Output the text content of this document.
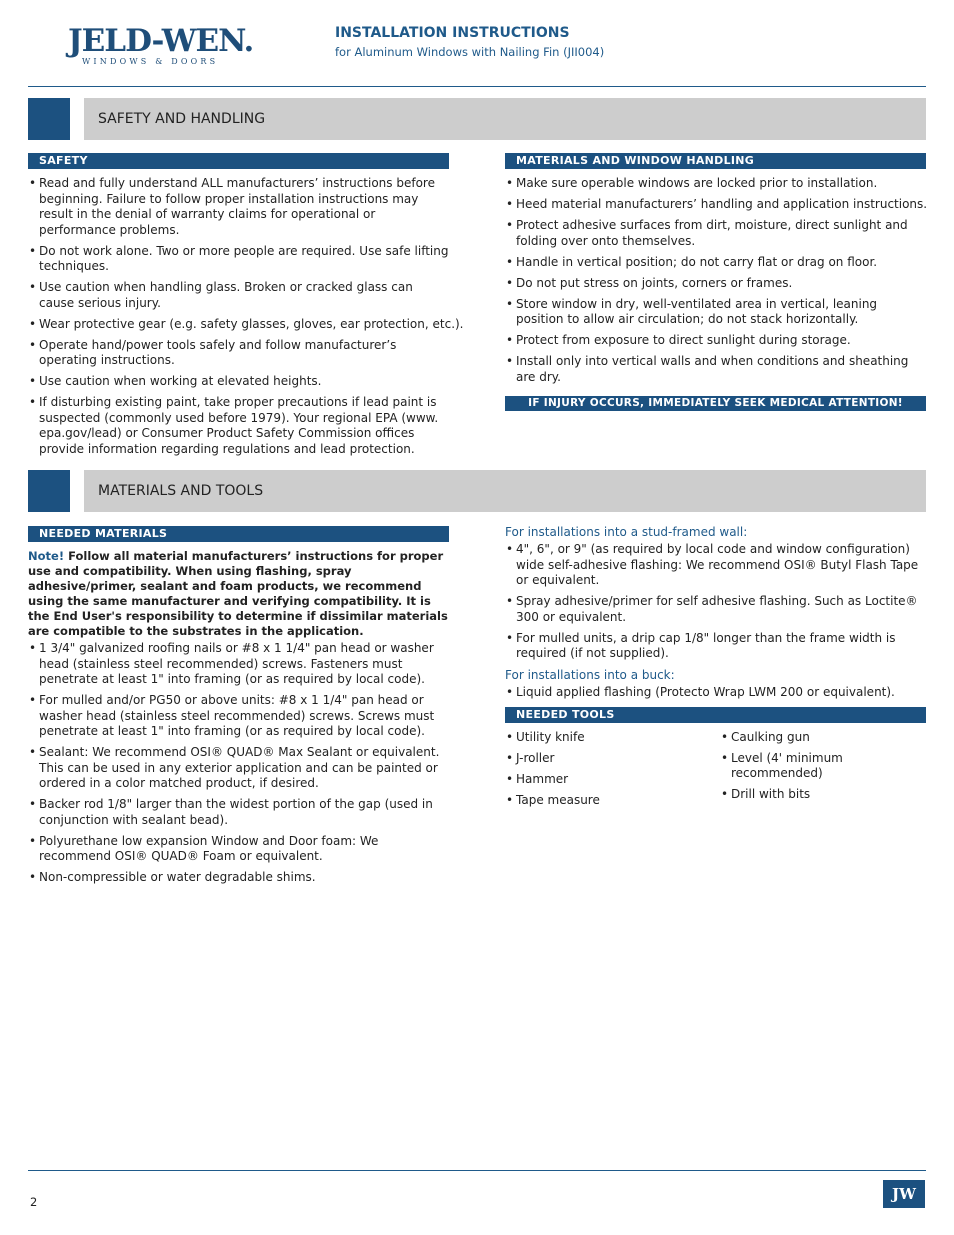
JELD-WEN.
WINDOWS & DOORS
INSTALLATION INSTRUCTIONS
for Aluminum Windows with Nailing Fin (JII004)
SAFETY AND HANDLING
SAFETY
• Read and fully understand ALL manufacturers’ instructions before beginning. Failure to follow proper installation instructions may result in the denial of warranty claims for operational or performance problems.
• Do not work alone. Two or more people are required. Use safe lifting techniques.
• Use caution when handling glass. Broken or cracked glass can cause serious injury.
• Wear protective gear (e.g. safety glasses, gloves, ear protection, etc.).
• Operate hand/power tools safely and follow manufacturer’s operating instructions.
• Use caution when working at elevated heights.
• If disturbing existing paint, take proper precautions if lead paint is suspected (commonly used before 1979). Your regional EPA (www. epa.gov/lead) or Consumer Product Safety Commission offices provide information regarding regulations and lead protection.
MATERIALS AND WINDOW HANDLING
• Make sure operable windows are locked prior to installation.
• Heed material manufacturers’ handling and application instructions.
• Protect adhesive surfaces from dirt, moisture, direct sunlight and folding over onto themselves.
• Handle in vertical position; do not carry flat or drag on floor.
• Do not put stress on joints, corners or frames.
• Store window in dry, well-ventilated area in vertical, leaning position to allow air circulation; do not stack horizontally.
• Protect from exposure to direct sunlight during storage.
• Install only into vertical walls and when conditions and sheathing are dry.
IF INJURY OCCURS, IMMEDIATELY SEEK MEDICAL ATTENTION!
MATERIALS AND TOOLS
NEEDED MATERIALS

Note! Follow all material manufacturers’ instructions for proper use and compatibility. When using flashing, spray adhesive/primer, sealant and foam products, we recommend using the same manufacturer and verifying compatibility. It is the End User's responsibility to determine if dissimilar materials are compatible to the substrates in the application.

• 1 3/4" galvanized roofing nails or #8 x 1 1/4" pan head or washer head (stainless steel recommended) screws. Fasteners must penetrate at least 1" into framing (or as required by local code).
• For mulled and/or PG50 or above units: #8 x 1 1/4" pan head or washer head (stainless steel recommended) screws. Screws must penetrate at least 1" into framing (or as required by local code).
• Sealant: We recommend OSI® QUAD® Max Sealant or equivalent. This can be used in any exterior application and can be painted or ordered in a color matched product, if desired.
• Backer rod 1/8" larger than the widest portion of the gap (used in conjunction with sealant bead).
• Polyurethane low expansion Window and Door foam: We recommend OSI® QUAD® Foam or equivalent.
• Non-compressible or water degradable shims.
For installations into a stud-framed wall:
• 4", 6", or 9" (as required by local code and window configuration) wide self-adhesive flashing: We recommend OSI® Butyl Flash Tape or equivalent.
• Spray adhesive/primer for self adhesive flashing. Such as Loctite® 300 or equivalent.
• For mulled units, a drip cap 1/8" longer than the frame width is required (if not supplied).
For installations into a buck:
• Liquid applied flashing (Protecto Wrap LWM 200 or equivalent).
NEEDED TOOLS
• Utility knife
• J-roller
• Hammer
• Tape measure
• Caulking gun
• Level (4' minimum recommended)
• Drill with bits
2	JW
